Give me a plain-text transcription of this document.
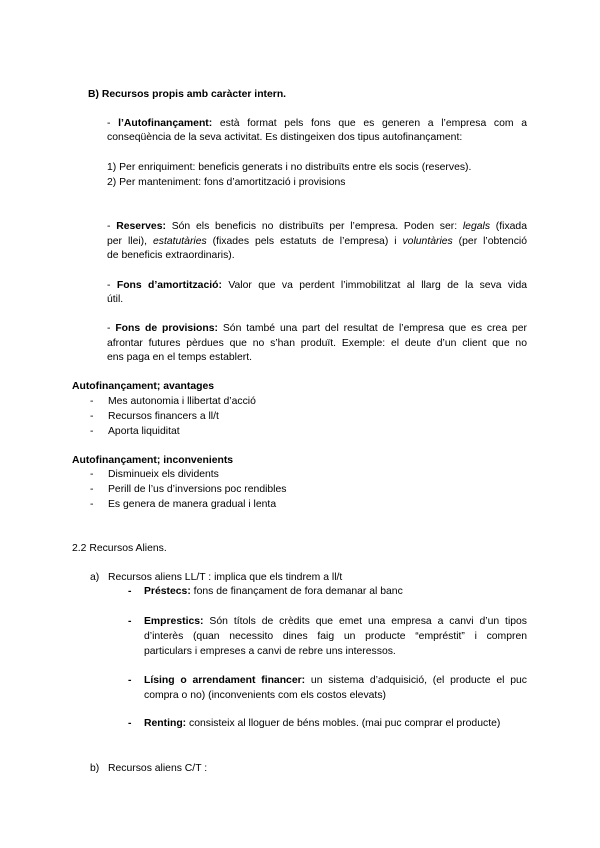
B) Recursos propis amb caràcter intern.
- l’Autofinançament: està format pels fons que es generen a l’empresa com a
conseqüència de la seva activitat. Es distingeixen dos tipus autofinançament:
1) Per enriquiment: beneficis generats i no distribuïts entre els socis (reserves).
2) Per manteniment: fons d’amortització i provisions
- Reserves: Són els beneficis no distribuïts per l’empresa. Poden ser: legals (fixada
per llei), estatutàries (fixades pels estatuts de l’empresa) i voluntàries (per l’obtenció
de beneficis extraordinaris).
- Fons d’amortització: Valor que va perdent l’immobilitzat al llarg de la seva vida
útil.
- Fons de provisions: Són també una part del resultat de l’empresa que es crea per
afrontar futures pèrdues que no s’han produït. Exemple: el deute d’un client que no
ens paga en el temps establert.
Autofinançament; avantages
- Mes autonomia i llibertat d’acció
- Recursos financers a ll/t
- Aporta liquiditat
Autofinançament; inconvenients
- Disminueix els dividents
- Perill de l’us d’inversions poc rendibles
- Es genera de manera gradual i lenta
2.2 Recursos Aliens.
a) Recursos aliens LL/T : implica que els tindrem a ll/t
- Préstecs: fons de finançament de fora demanar al banc
- Emprestics: Són títols de crèdits que emet una empresa a canvi d’un tipos
d’interès (quan necessito dines faig un producte “empréstit” i compren
particulars i empreses a canvi de rebre uns interessos.
- Lísing o arrendament financer: un sistema d’adquisició, (el producte el puc
compra o no) (inconvenients com els costos elevats)
- Renting: consisteix al lloguer de béns mobles. (mai puc comprar el producte)
b) Recursos aliens C/T :
